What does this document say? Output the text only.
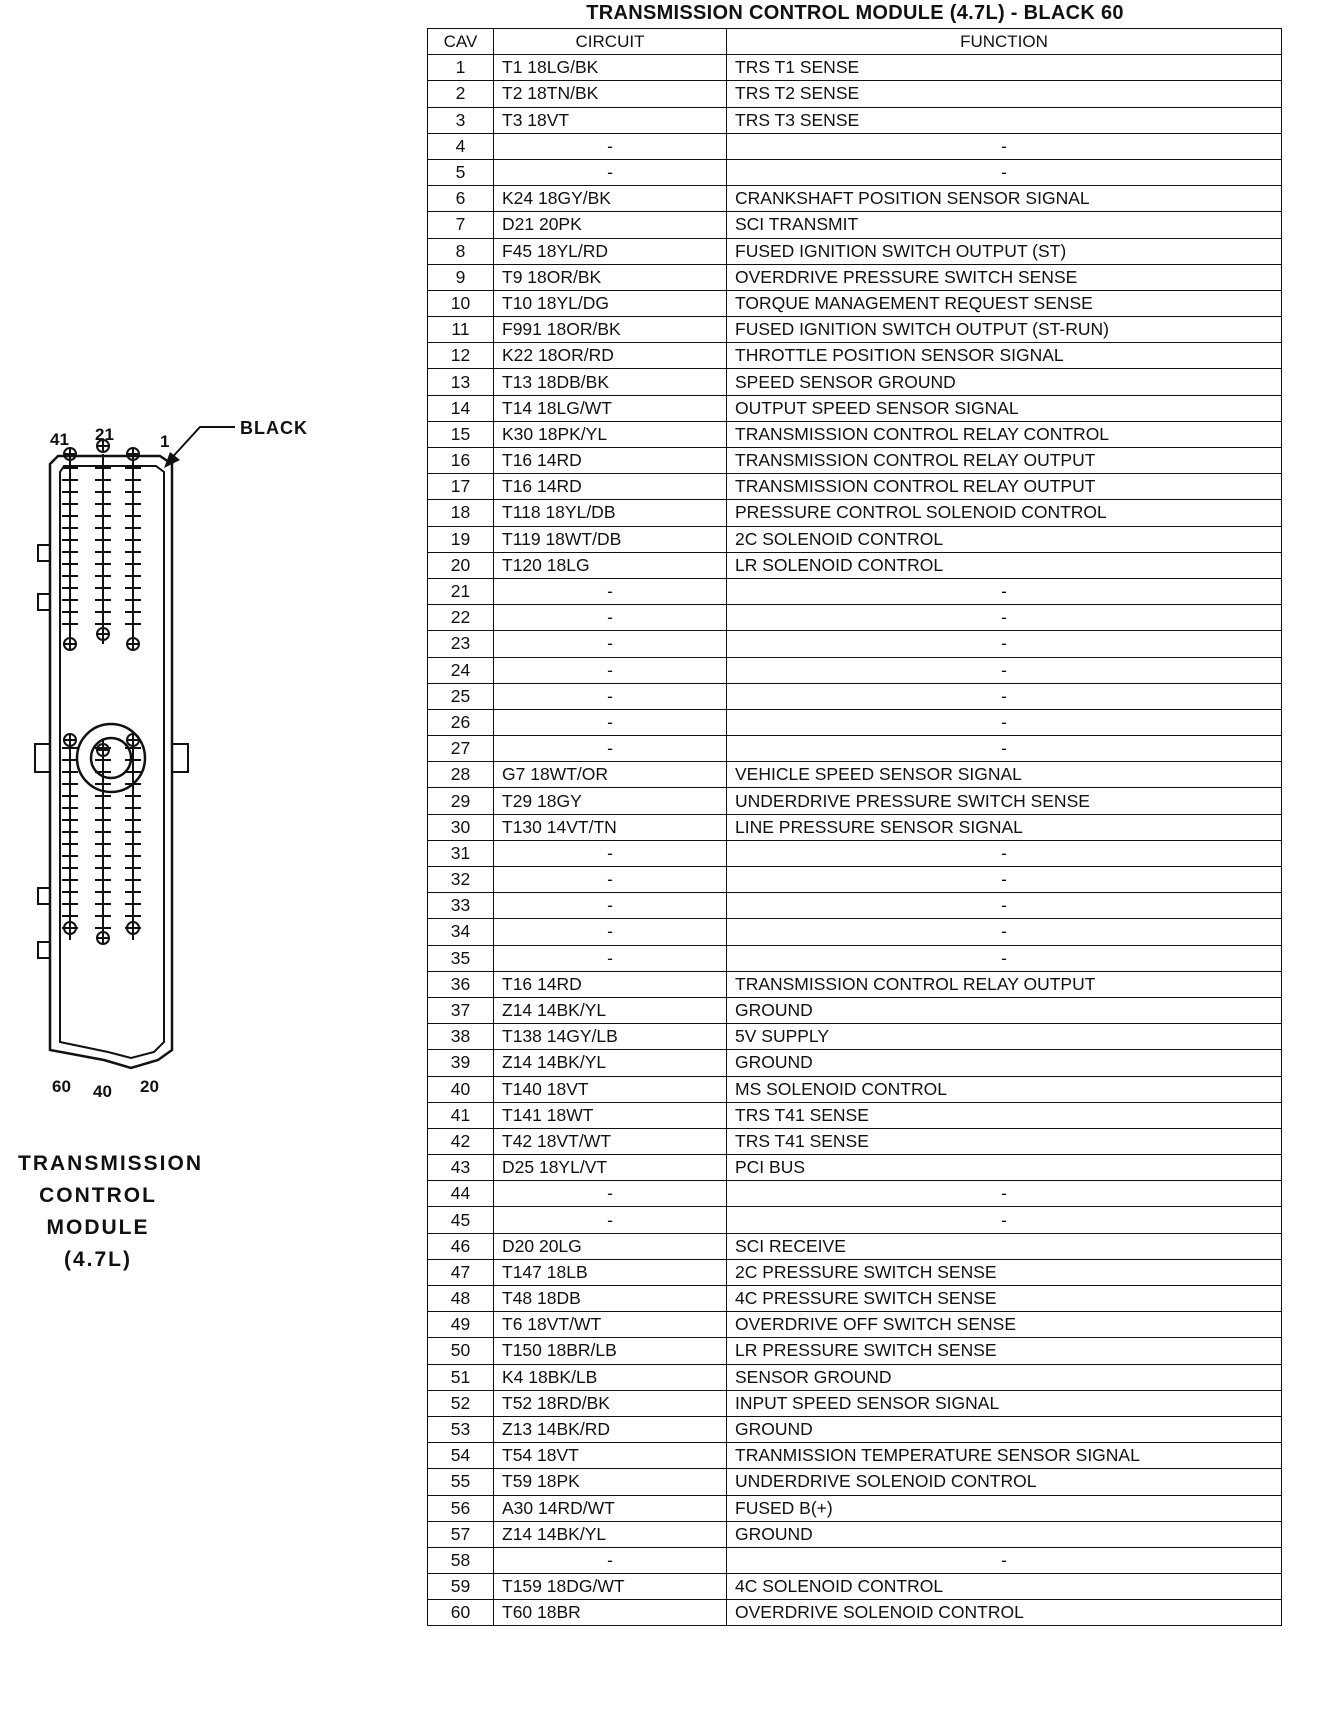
41 21	1
60 40 20
BLACK
TRANSMISSION
CONTROL
MODULE
(4.7L)
TRANSMISSION CONTROL MODULE (4.7L) - BLACK 60
CAV	CIRCUIT	FUNCTION
1	T1 18LG/BK	TRS T1 SENSE
2	T2 18TN/BK	TRS T2 SENSE
3	T3 18VT	TRS T3 SENSE
4	-	-
5	-	-
6	K24 18GY/BK	CRANKSHAFT POSITION SENSOR SIGNAL
7	D21 20PK	SCI TRANSMIT
8	F45 18YL/RD	FUSED IGNITION SWITCH OUTPUT (ST)
9	T9 18OR/BK	OVERDRIVE PRESSURE SWITCH SENSE
10	T10 18YL/DG	TORQUE MANAGEMENT REQUEST SENSE
11	F991 18OR/BK	FUSED IGNITION SWITCH OUTPUT (ST-RUN)
12	K22 18OR/RD	THROTTLE POSITION SENSOR SIGNAL
13	T13 18DB/BK	SPEED SENSOR GROUND
14	T14 18LG/WT	OUTPUT SPEED SENSOR SIGNAL
15	K30 18PK/YL	TRANSMISSION CONTROL RELAY CONTROL
16	T16 14RD	TRANSMISSION CONTROL RELAY OUTPUT
17	T16 14RD	TRANSMISSION CONTROL RELAY OUTPUT
18	T118 18YL/DB	PRESSURE CONTROL SOLENOID CONTROL
19	T119 18WT/DB	2C SOLENOID CONTROL
20	T120 18LG	LR SOLENOID CONTROL
21	-	-
22	-	-
23	-	-
24	-	-
25	-	-
26	-	-
27	-	-
28	G7 18WT/OR	VEHICLE SPEED SENSOR SIGNAL
29	T29 18GY	UNDERDRIVE PRESSURE SWITCH SENSE
30	T130 14VT/TN	LINE PRESSURE SENSOR SIGNAL
31	-	-
32	-	-
33	-	-
34	-	-
35	-	-
36	T16 14RD	TRANSMISSION CONTROL RELAY OUTPUT
37	Z14 14BK/YL	GROUND
38	T138 14GY/LB	5V SUPPLY
39	Z14 14BK/YL	GROUND
40	T140 18VT	MS SOLENOID CONTROL
41	T141 18WT	TRS T41 SENSE
42	T42 18VT/WT	TRS T41 SENSE
43	D25 18YL/VT	PCI BUS
44	-	-
45	-	-
46	D20 20LG	SCI RECEIVE
47	T147 18LB	2C PRESSURE SWITCH SENSE
48	T48 18DB	4C PRESSURE SWITCH SENSE
49	T6 18VT/WT	OVERDRIVE OFF SWITCH SENSE
50	T150 18BR/LB	LR PRESSURE SWITCH SENSE
51	K4 18BK/LB	SENSOR GROUND
52	T52 18RD/BK	INPUT SPEED SENSOR SIGNAL
53	Z13 14BK/RD	GROUND
54	T54 18VT	TRANMISSION TEMPERATURE SENSOR SIGNAL
55	T59 18PK	UNDERDRIVE SOLENOID CONTROL
56	A30 14RD/WT	FUSED B(+)
57	Z14 14BK/YL	GROUND
58	-	-
59	T159 18DG/WT	4C SOLENOID CONTROL
60	T60 18BR	OVERDRIVE SOLENOID CONTROL
